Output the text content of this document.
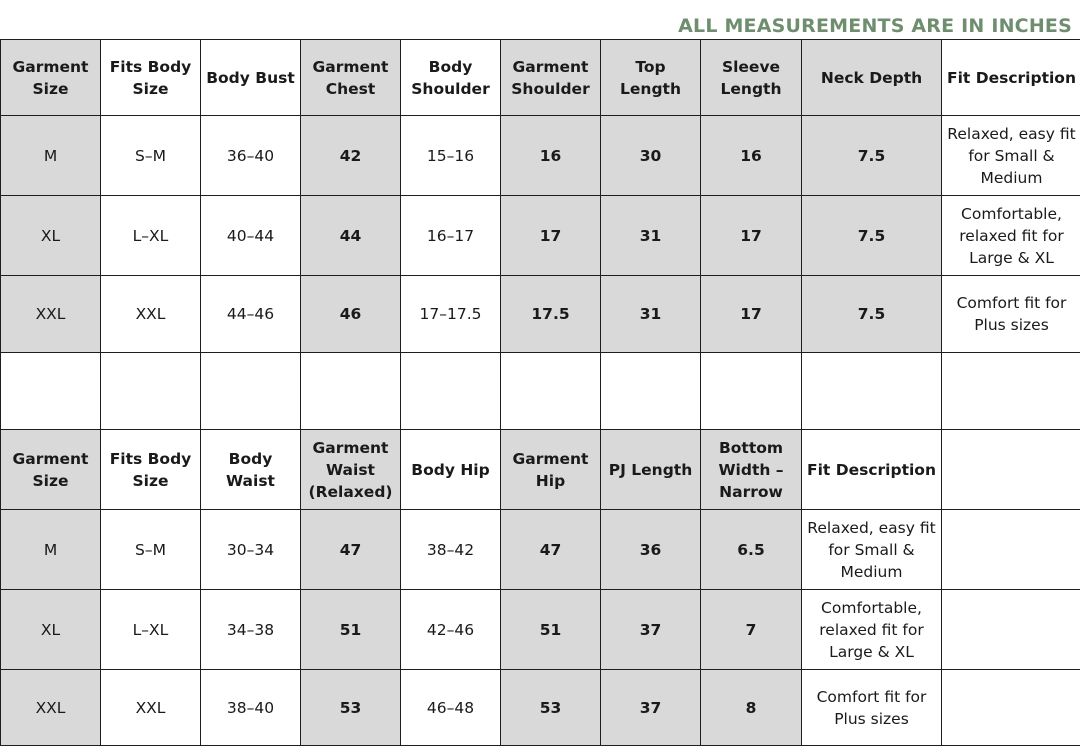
ALL MEASUREMENTS ARE IN INCHES
Garment Size	Fits Body Size	Body Bust	Garment Chest	Body Shoulder	Garment Shoulder	Top Length	Sleeve Length	Neck Depth	Fit Description
M	S–M	36–40	42	15–16	16	30	16	7.5	Relaxed, easy fit for Small & Medium
XL	L–XL	40–44	44	16–17	17	31	17	7.5	Comfortable, relaxed fit for Large & XL
XXL	XXL	44–46	46	17–17.5	17.5	31	17	7.5	Comfort fit for Plus sizes

Garment Size	Fits Body Size	Body Waist	Garment Waist (Relaxed)	Body Hip	Garment Hip	PJ Length	Bottom Width – Narrow	Fit Description	
M	S–M	30–34	47	38–42	47	36	6.5	Relaxed, easy fit for Small & Medium	
XL	L–XL	34–38	51	42–46	51	37	7	Comfortable, relaxed fit for Large & XL	
XXL	XXL	38–40	53	46–48	53	37	8	Comfort fit for Plus sizes	
